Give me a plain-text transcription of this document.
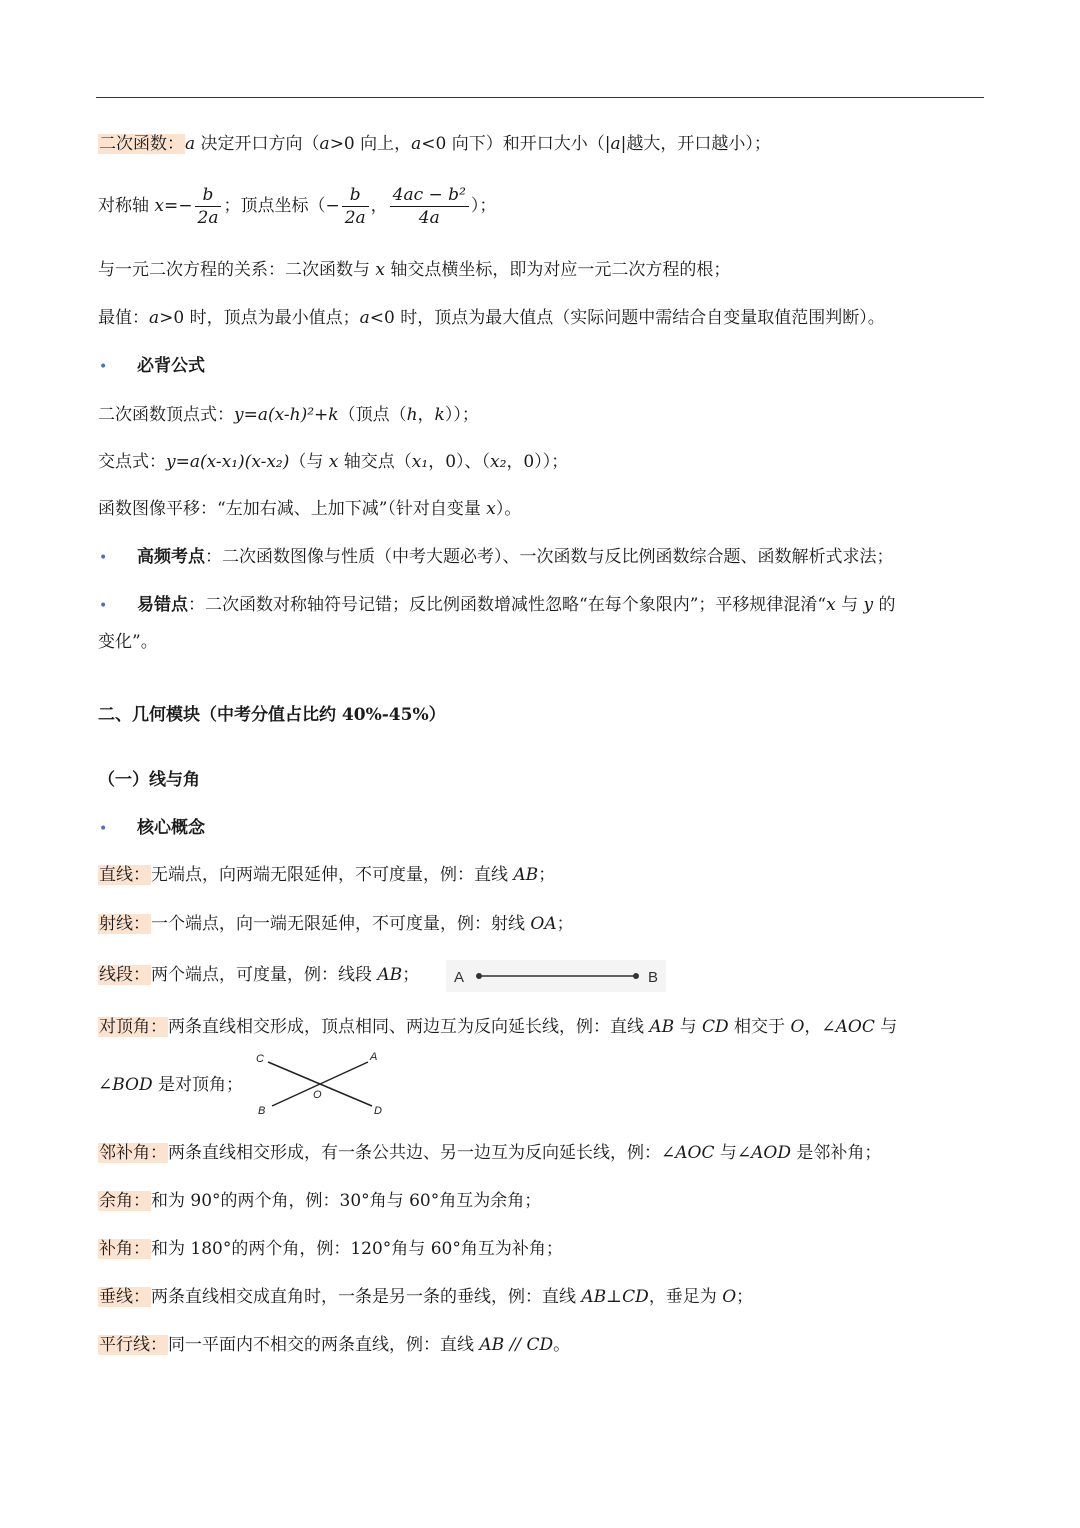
二次函数：a 决定开口方向（a>0 向上，a<0 向下）和开口大小（|a|越大，开口越小）；
对称轴 $x=- \frac{b}{2a}$ ；顶点坐标（− $\frac{b}{2a}$ ， $\frac{\text{4ac − b²}}{4a}$ ）；
与一元二次方程的关系：二次函数与 x 轴交点横坐标，即为对应一元二次方程的根；
最值：a>0 时，顶点为最小值点；a<0 时，顶点为最大值点（实际问题中需结合自变量取值范围判断）。
• 必背公式
二次函数顶点式：y=a(x-h)²+k（顶点（h，k））；
交点式：y=a(x-x₁)(x-x₂)（与 x 轴交点（x₁，0）、（x₂，0））；
函数图像平移：“左加右减、上加下减”（针对自变量 x）。
• 高频考点：二次函数图像与性质（中考大题必考）、一次函数与反比例函数综合题、函数解析式求法；
• 易错点：二次函数对称轴符号记错；反比例函数增减性忽略“在每个象限内”；平移规律混淆“x 与 y 的
变化”。
二、几何模块（中考分值占比约 40%-45%）
（一）线与角
• 核心概念
直线：无端点，向两端无限延伸，不可度量，例：直线 AB；
射线：一个端点，向一端无限延伸，不可度量，例：射线 OA；
线段：两个端点，可度量，例：线段 AB； A	B
对顶角：两条直线相交形成，顶点相同、两边互为反向延长线，例：直线 AB 与 CD 相交于 O，∠AOC 与
∠BOD 是对顶角；
C	A
B	D
O
邻补角：两条直线相交形成，有一条公共边、另一边互为反向延长线，例：∠AOC 与∠AOD 是邻补角；
余角：和为 90°的两个角，例：30°角与 60°角互为余角；
补角：和为 180°的两个角，例：120°角与 60°角互为补角；
垂线：两条直线相交成直角时，一条是另一条的垂线，例：直线 AB⊥CD，垂足为 O；
平行线：同一平面内不相交的两条直线，例：直线 AB // CD。
